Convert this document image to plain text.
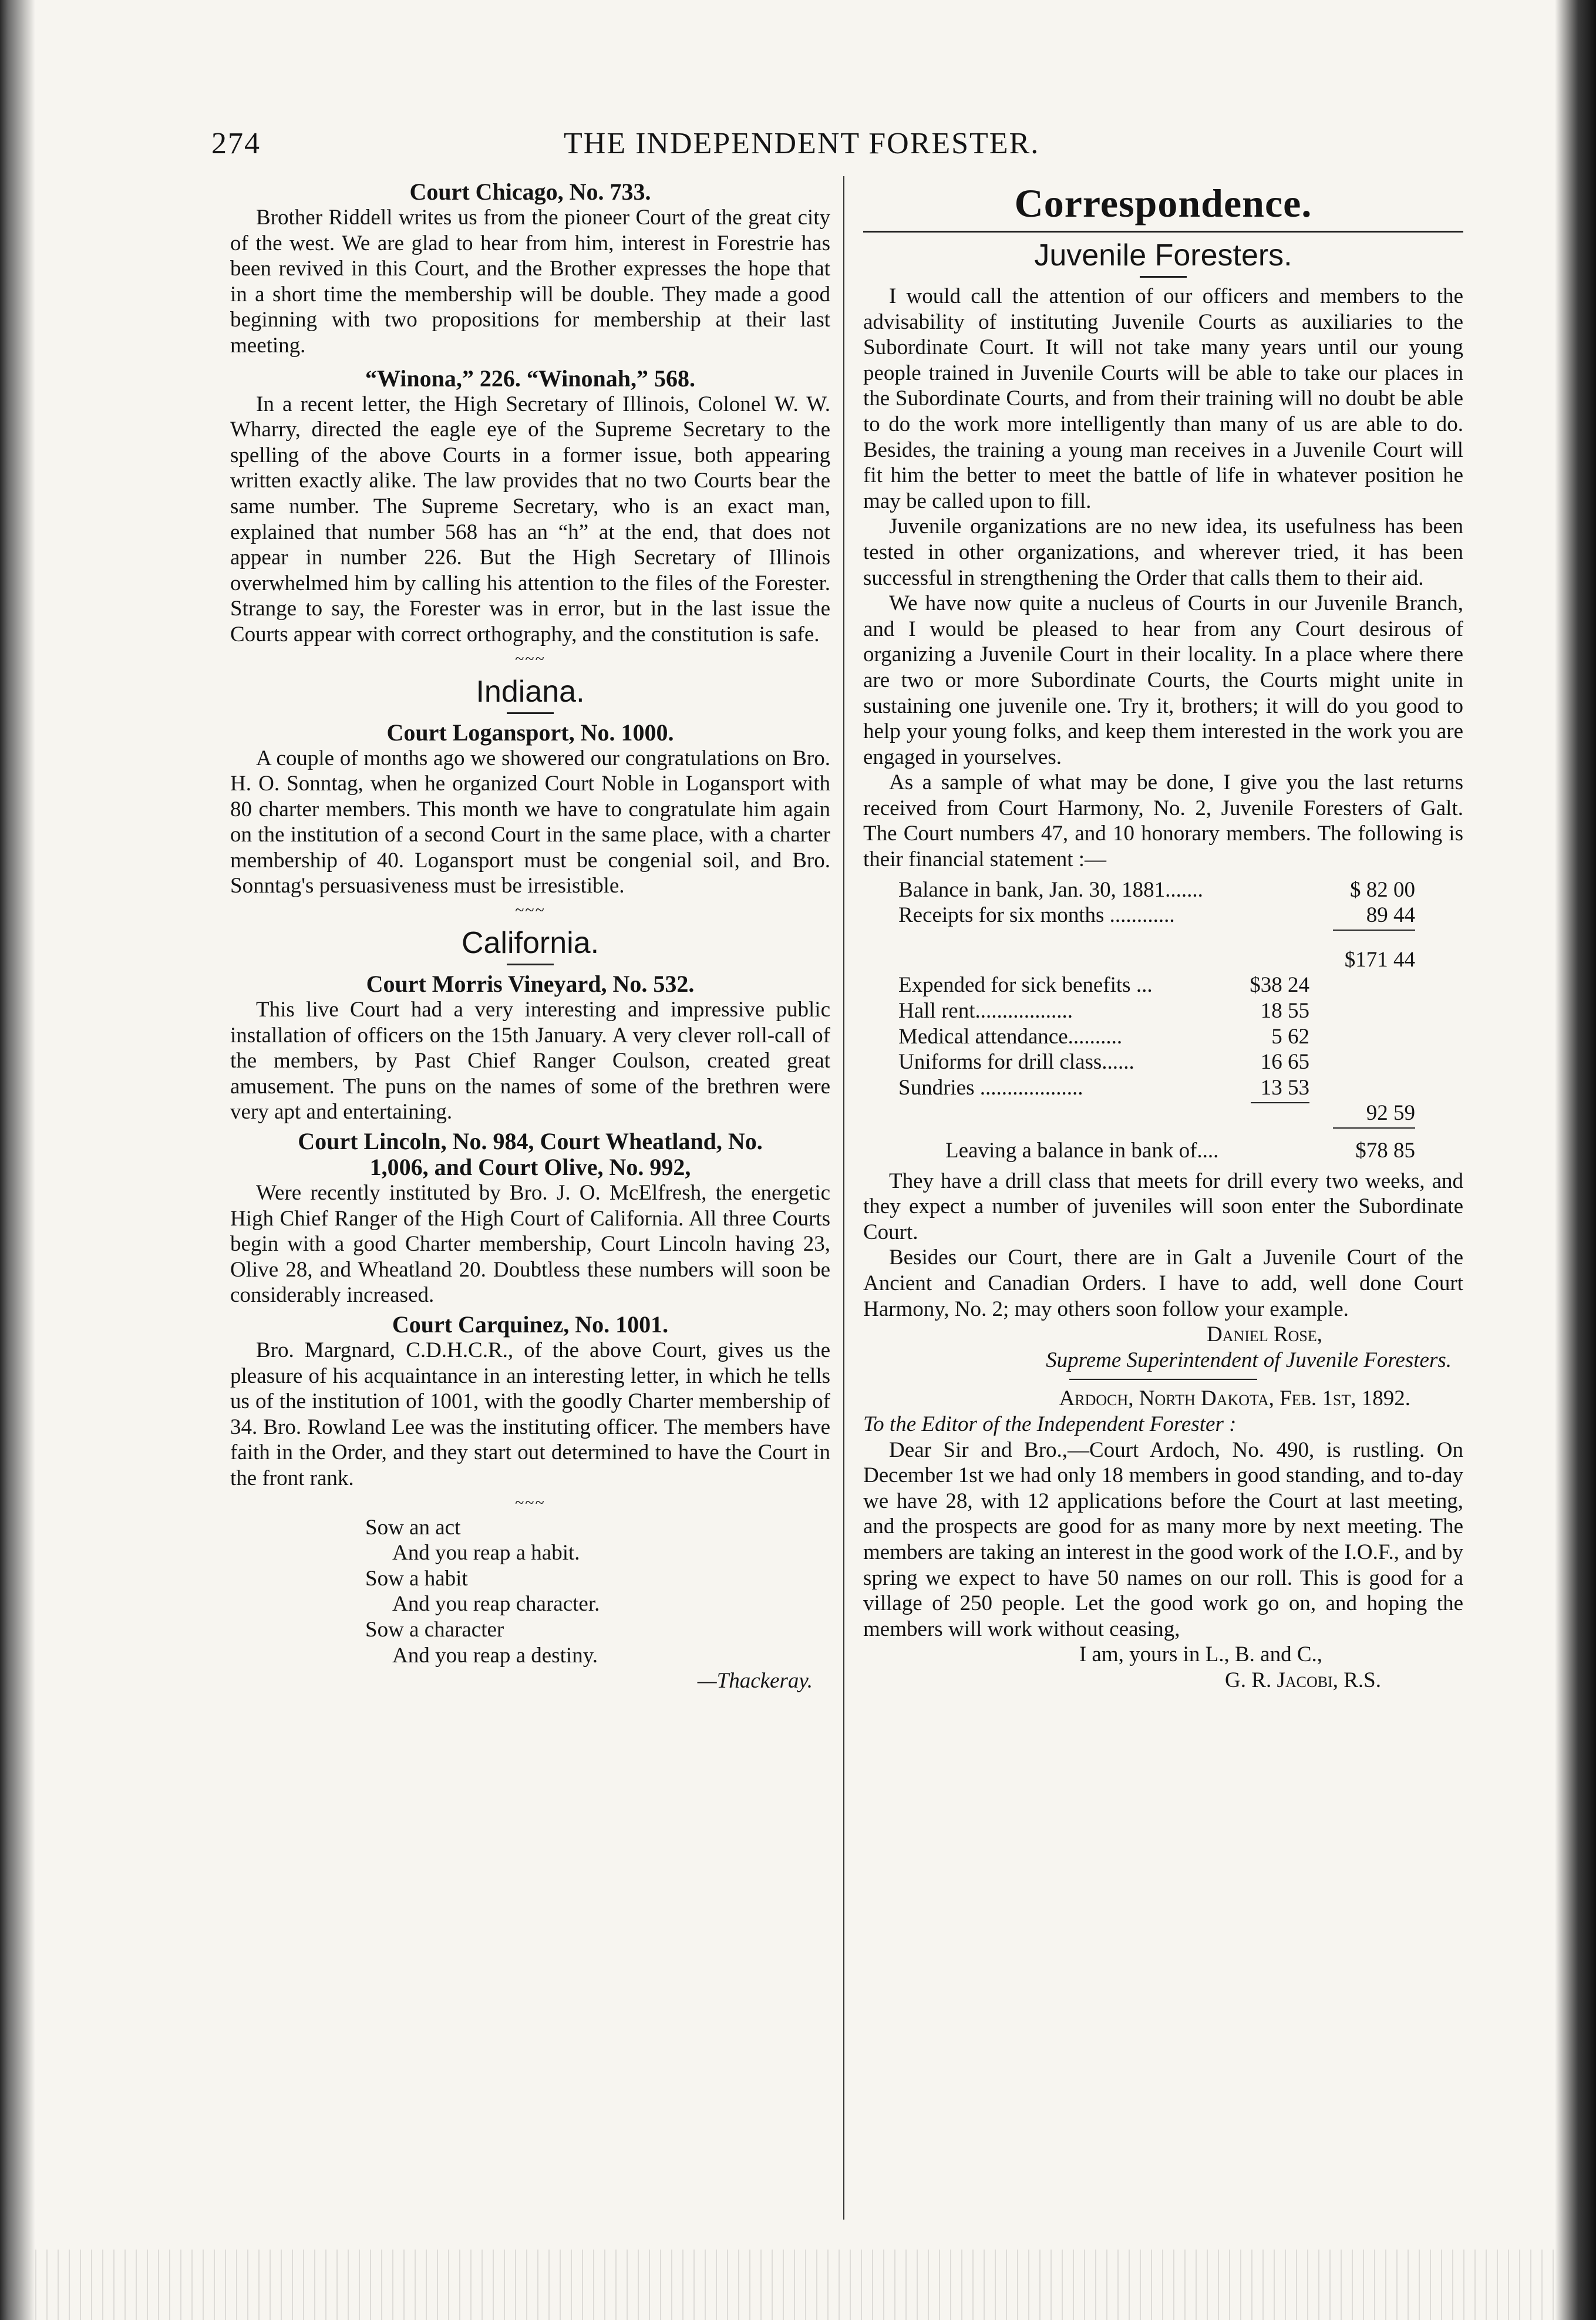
274	THE INDEPENDENT FORESTER.
Court Chicago, No. 733.

Brother Riddell writes us from the pioneer Court of the great city of the west. We are glad to hear from him, interest in Forestrie has been revived in this Court, and the Brother expresses the hope that in a short time the membership will be double. They made a good beginning with two propositions for membership at their last meeting.

“Winona,” 226. “Winonah,” 568.

In a recent letter, the High Secretary of Illinois, Colonel W. W. Wharry, directed the eagle eye of the Supreme Secretary to the spelling of the above Courts in a former issue, both appearing written exactly alike. The law provides that no two Courts bear the same number. The Supreme Secretary, who is an exact man, explained that number 568 has an “h” at the end, that does not appear in number 226. But the High Secretary of Illinois overwhelmed him by calling his attention to the files of the Forester. Strange to say, the Forester was in error, but in the last issue the Courts appear with correct orthography, and the constitution is safe.

~~~
Indiana.
Court Logansport, No. 1000.

A couple of months ago we showered our congratulations on Bro. H. O. Sonntag, when he organized Court Noble in Logansport with 80 charter members. This month we have to congratulate him again on the institution of a second Court in the same place, with a charter membership of 40. Logansport must be congenial soil, and Bro. Sonntag's persuasiveness must be irresistible.

~~~
California.
Court Morris Vineyard, No. 532.

This live Court had a very interesting and impressive public installation of officers on the 15th January. A very clever roll-call of the members, by Past Chief Ranger Coulson, created great amusement. The puns on the names of some of the brethren were very apt and entertaining.

Court Lincoln, No. 984, Court Wheatland, No.
1,006, and Court Olive, No. 992,

Were recently instituted by Bro. J. O. McElfresh, the energetic High Chief Ranger of the High Court of California. All three Courts begin with a good Charter membership, Court Lincoln having 23, Olive 28, and Wheatland 20. Doubtless these numbers will soon be considerably increased.

Court Carquinez, No. 1001.

Bro. Margnard, C.D.H.C.R., of the above Court, gives us the pleasure of his acquaintance in an interesting letter, in which he tells us of the institution of 1001, with the goodly Charter membership of 34. Bro. Rowland Lee was the instituting officer. The members have faith in the Order, and they start out determined to have the Court in the front rank.

~~~
Sow an act
And you reap a habit.
Sow a habit
And you reap character.
Sow a character
And you reap a destiny.
—Thackeray.
Correspondence.
Juvenile Foresters.

I would call the attention of our officers and members to the advisability of instituting Juvenile Courts as auxiliaries to the Subordinate Court. It will not take many years until our young people trained in Juvenile Courts will be able to take our places in the Subordinate Courts, and from their training will no doubt be able to do the work more intelligently than many of us are able to do. Besides, the training a young man receives in a Juvenile Court will fit him the better to meet the battle of life in whatever position he may be called upon to fill.

Juvenile organizations are no new idea, its usefulness has been tested in other organizations, and wherever tried, it has been successful in strengthening the Order that calls them to their aid.

We have now quite a nucleus of Courts in our Juvenile Branch, and I would be pleased to hear from any Court desirous of organizing a Juvenile Court in their locality. In a place where there are two or more Subordinate Courts, the Courts might unite in sustaining one juvenile one. Try it, brothers; it will do you good to help your young folks, and keep them interested in the work you are engaged in yourselves.

As a sample of what may be done, I give you the last returns received from Court Harmony, No. 2, Juvenile Foresters of Galt. The Court numbers 47, and 10 honorary members. The following is their financial statement :—

Balance in bank, Jan. 30, 1881.......	$ 82 00
Receipts for six months ............	89 44
$171 44
Expended for sick benefits ...	$38 24
Hall rent..................	18 55
Medical attendance..........	5 62
Uniforms for drill class......	16 65
Sundries ...................	13 53
92 59
Leaving a balance in bank of....	$78 85

They have a drill class that meets for drill every two weeks, and they expect a number of juveniles will soon enter the Subordinate Court.

Besides our Court, there are in Galt a Juvenile Court of the Ancient and Canadian Orders. I have to add, well done Court Harmony, No. 2; may others soon follow your example.

Daniel Rose,
Supreme Superintendent of Juvenile Foresters.
Ardoch, North Dakota, Feb. 1st, 1892.

To the Editor of the Independent Forester :

Dear Sir and Bro.,—Court Ardoch, No. 490, is rustling. On December 1st we had only 18 members in good standing, and to-day we have 28, with 12 applications before the Court at last meeting, and the prospects are good for as many more by next meeting. The members are taking an interest in the good work of the I.O.F., and by spring we expect to have 50 names on our roll. This is good for a village of 250 people. Let the good work go on, and hoping the members will work without ceasing,

I am, yours in L., B. and C.,
G. R. Jacobi, R.S.
